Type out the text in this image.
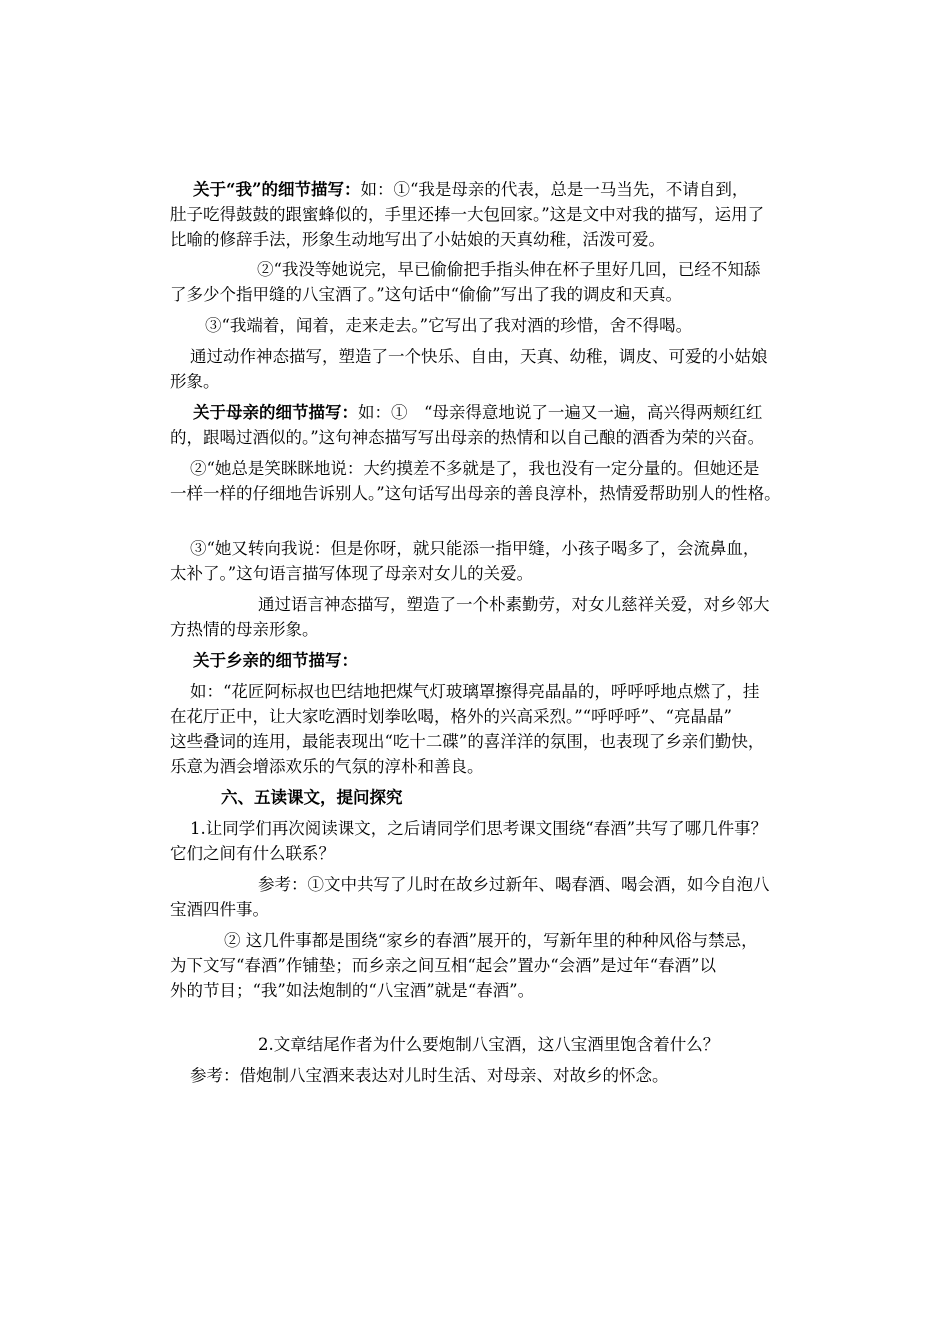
关于“我”的细节描写：如：①“我是母亲的代表，总是一马当先，不请自到，
肚子吃得鼓鼓的跟蜜蜂似的，手里还捧一大包回家。”这是文中对我的描写，运用了
比喻的修辞手法，形象生动地写出了小姑娘的天真幼稚，活泼可爱。
②“我没等她说完，早已偷偷把手指头伸在杯子里好几回，已经不知舔
了多少个指甲缝的八宝酒了。”这句话中“偷偷”写出了我的调皮和天真。
③“我端着，闻着，走来走去。”它写出了我对酒的珍惜，舍不得喝。
通过动作神态描写，塑造了一个快乐、自由，天真、幼稚，调皮、可爱的小姑娘
形象。
关于母亲的细节描写：如：①　“母亲得意地说了一遍又一遍，高兴得两颊红红
的，跟喝过酒似的。”这句神态描写写出母亲的热情和以自己酿的酒香为荣的兴奋。
②“她总是笑眯眯地说：大约摸差不多就是了，我也没有一定分量的。但她还是
一样一样的仔细地告诉别人。”这句话写出母亲的善良淳朴，热情爱帮助别人的性格。
③“她又转向我说：但是你呀，就只能添一指甲缝，小孩子喝多了，会流鼻血，
太补了。”这句语言描写体现了母亲对女儿的关爱。
通过语言神态描写，塑造了一个朴素勤劳，对女儿慈祥关爱，对乡邻大
方热情的母亲形象。
关于乡亲的细节描写：
如：“花匠阿标叔也巴结地把煤气灯玻璃罩擦得亮晶晶的，呼呼呼地点燃了，挂
在花厅正中，让大家吃酒时划拳吆喝，格外的兴高采烈。”“呼呼呼”、“亮晶晶”
这些叠词的连用，最能表现出“吃十二碟”的喜洋洋的氛围，也表现了乡亲们勤快，
乐意为酒会增添欢乐的气氛的淳朴和善良。
六、五读课文，提问探究
1.让同学们再次阅读课文，之后请同学们思考课文围绕“春酒”共写了哪几件事？
它们之间有什么联系？
参考：①文中共写了儿时在故乡过新年、喝春酒、喝会酒，如今自泡八
宝酒四件事。
② 这几件事都是围绕“家乡的春酒”展开的，写新年里的种种风俗与禁忌，
为下文写“春酒”作铺垫；而乡亲之间互相“起会”置办“会酒”是过年“春酒”以
外的节目；“我”如法炮制的“八宝酒”就是“春酒”。
2.文章结尾作者为什么要炮制八宝酒，这八宝酒里饱含着什么？
参考：借炮制八宝酒来表达对儿时生活、对母亲、对故乡的怀念。
